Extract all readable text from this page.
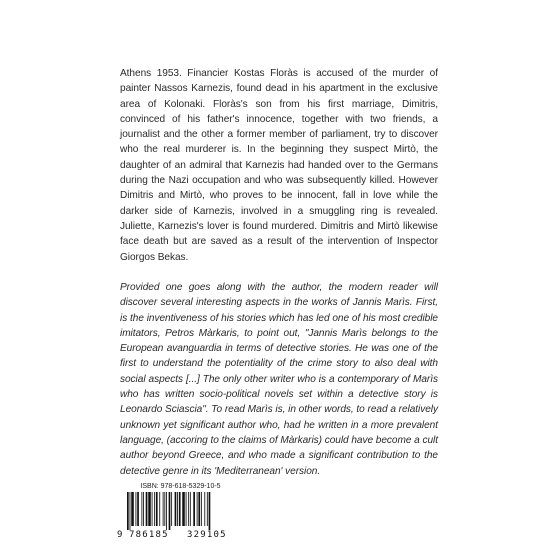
Athens 1953. Financier Kostas Floràs is accused of the murder of painter Nassos Karnezis, found dead in his apartment in the exclusive area of Kolonaki. Floràs's son from his first marriage, Dimitris, convinced of his father's innocence, together with two friends, a journalist and the other a former member of parliament, try to discover who the real murderer is. In the beginning they suspect Mirtò, the daughter of an admiral that Karnezis had handed over to the Germans during the Nazi occupation and who was subsequently killed. However Dimitris and Mirtò, who proves to be innocent, fall in love while the darker side of Karnezis, involved in a smuggling ring is revealed. Juliette, Karnezis's lover is found murdered. Dimitris and Mirtò likewise face death but are saved as a result of the intervention of Inspector Giorgos Bekas.

Provided one goes along with the author, the modern reader will discover several interesting aspects in the works of Jannis Marìs. First, is the inventiveness of his stories which has led one of his most credible imitators, Petros Màrkaris, to point out, "Jannis Marìs belongs to the European avanguardia in terms of detective stories. He was one of the first to understand the potentiality of the crime story to also deal with social aspects [...] The only other writer who is a contemporary of Marìs who has written socio-political novels set within a detective story is Leonardo Sciascia". To read Marìs is, in other words, to read a relatively unknown yet significant author who, had he written in a more prevalent language, (accoring to the claims of Màrkaris) could have become a cult author beyond Greece, and who made a significant contribution to the detective genre in its 'Mediterranean' version.

ISBN: 978-618-5329-10-5
9 786185 329105
